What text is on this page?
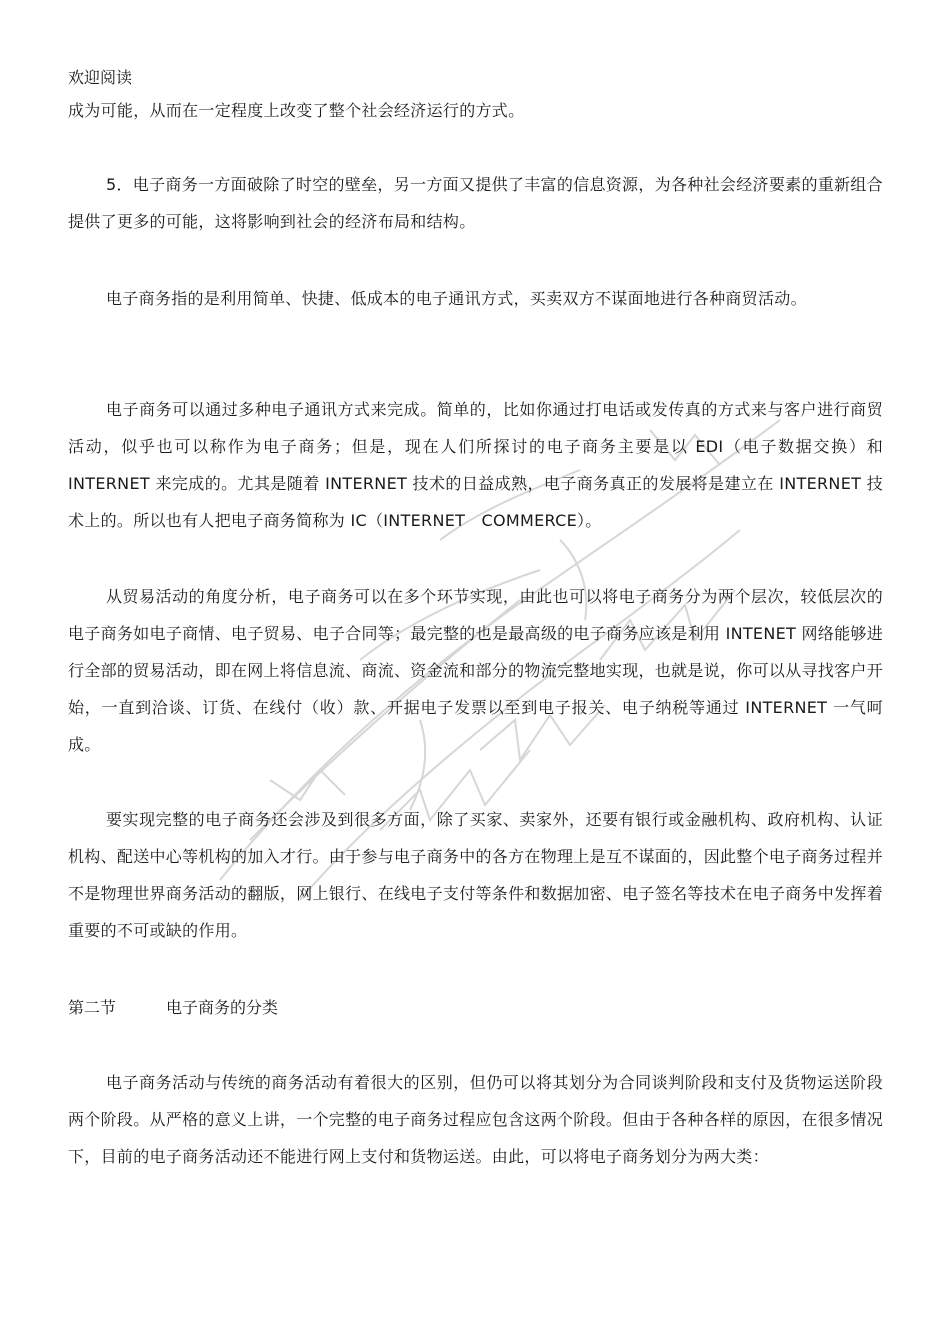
欢迎阅读
成为可能，从而在一定程度上改变了整个社会经济运行的方式。
5．电子商务一方面破除了时空的壁垒，另一方面又提供了丰富的信息资源，为各种社会经济要素的重新组合提供了更多的可能，这将影响到社会的经济布局和结构。
电子商务指的是利用简单、快捷、低成本的电子通讯方式，买卖双方不谋面地进行各种商贸活动。
电子商务可以通过多种电子通讯方式来完成。简单的，比如你通过打电话或发传真的方式来与客户进行商贸活动，似乎也可以称作为电子商务；但是，现在人们所探讨的电子商务主要是以 EDI（电子数据交换）和 INTERNET 来完成的。尤其是随着 INTERNET 技术的日益成熟，电子商务真正的发展将是建立在 INTERNET 技术上的。所以也有人把电子商务简称为 IC（INTERNET　COMMERCE）。
从贸易活动的角度分析，电子商务可以在多个环节实现，由此也可以将电子商务分为两个层次，较低层次的电子商务如电子商情、电子贸易、电子合同等；最完整的也是最高级的电子商务应该是利用 INTENET 网络能够进行全部的贸易活动，即在网上将信息流、商流、资金流和部分的物流完整地实现，也就是说，你可以从寻找客户开始，一直到洽谈、订货、在线付（收）款、开据电子发票以至到电子报关、电子纳税等通过 INTERNET 一气呵成。
要实现完整的电子商务还会涉及到很多方面，除了买家、卖家外，还要有银行或金融机构、政府机构、认证机构、配送中心等机构的加入才行。由于参与电子商务中的各方在物理上是互不谋面的，因此整个电子商务过程并不是物理世界商务活动的翻版，网上银行、在线电子支付等条件和数据加密、电子签名等技术在电子商务中发挥着重要的不可或缺的作用。
第二节	电子商务的分类
电子商务活动与传统的商务活动有着很大的区别，但仍可以将其划分为合同谈判阶段和支付及货物运送阶段两个阶段。从严格的意义上讲，一个完整的电子商务过程应包含这两个阶段。但由于各种各样的原因，在很多情况下，目前的电子商务活动还不能进行网上支付和货物运送。由此，可以将电子商务划分为两大类：
